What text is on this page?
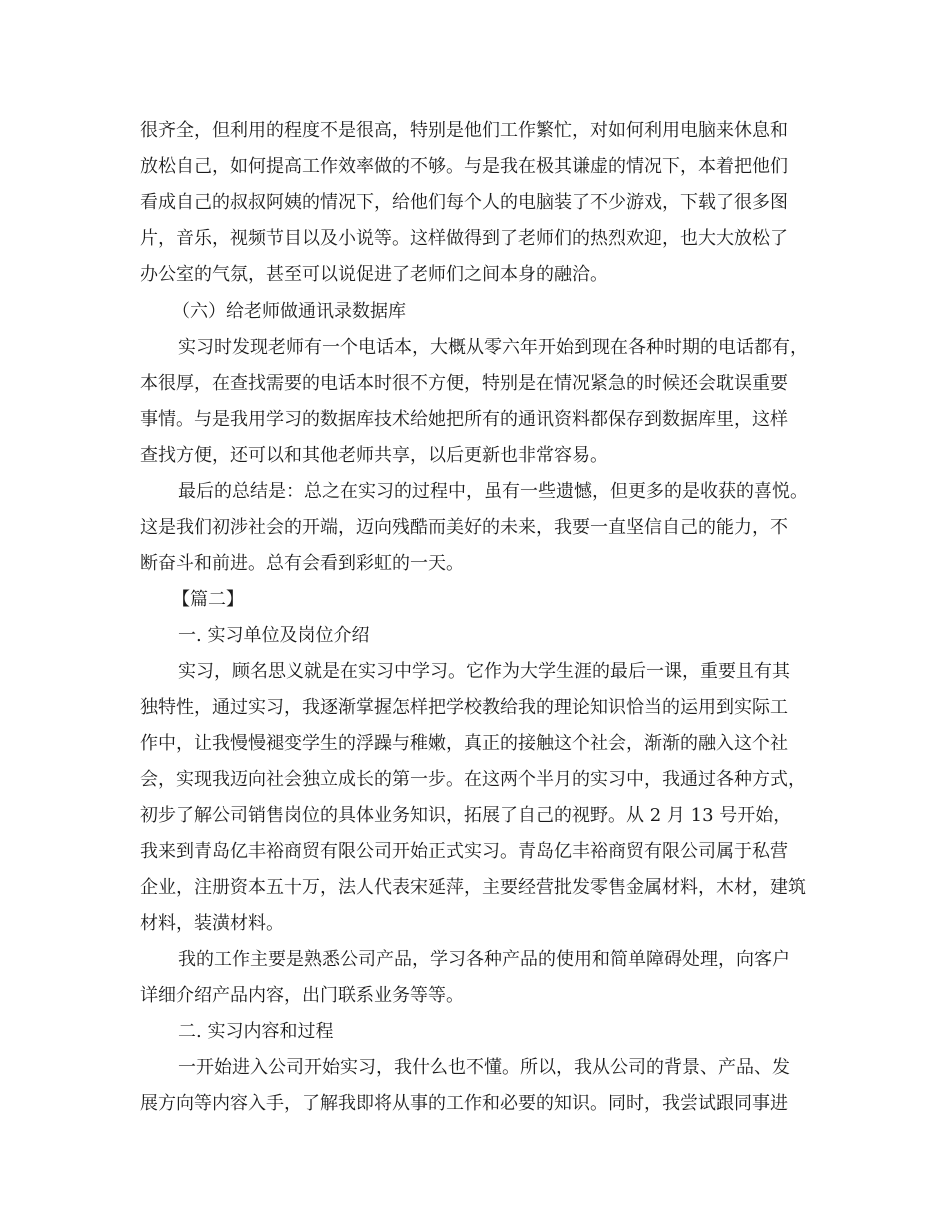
很齐全，但利用的程度不是很高，特别是他们工作繁忙，对如何利用电脑来休息和
放松自己，如何提高工作效率做的不够。与是我在极其谦虚的情况下，本着把他们
看成自己的叔叔阿姨的情况下，给他们每个人的电脑装了不少游戏，下载了很多图
片，音乐，视频节目以及小说等。这样做得到了老师们的热烈欢迎，也大大放松了
办公室的气氛，甚至可以说促进了老师们之间本身的融洽。
（六）给老师做通讯录数据库
实习时发现老师有一个电话本，大概从零六年开始到现在各种时期的电话都有，
本很厚，在查找需要的电话本时很不方便，特别是在情况紧急的时候还会耽误重要
事情。与是我用学习的数据库技术给她把所有的通讯资料都保存到数据库里，这样
查找方便，还可以和其他老师共享，以后更新也非常容易。
最后的总结是：总之在实习的过程中，虽有一些遗憾，但更多的是收获的喜悦。
这是我们初涉社会的开端，迈向残酷而美好的未来，我要一直坚信自己的能力，不
断奋斗和前进。总有会看到彩虹的一天。
【篇二】
一. 实习单位及岗位介绍
实习，顾名思义就是在实习中学习。它作为大学生涯的最后一课，重要且有其
独特性，通过实习，我逐渐掌握怎样把学校教给我的理论知识恰当的运用到实际工
作中，让我慢慢褪变学生的浮躁与稚嫩，真正的接触这个社会，渐渐的融入这个社
会，实现我迈向社会独立成长的第一步。在这两个半月的实习中，我通过各种方式，
初步了解公司销售岗位的具体业务知识，拓展了自己的视野。从 2 月 13 号开始，
我来到青岛亿丰裕商贸有限公司开始正式实习。青岛亿丰裕商贸有限公司属于私营
企业，注册资本五十万，法人代表宋延萍，主要经营批发零售金属材料，木材，建筑
材料，装潢材料。
我的工作主要是熟悉公司产品，学习各种产品的使用和简单障碍处理，向客户
详细介绍产品内容，出门联系业务等等。
二. 实习内容和过程
一开始进入公司开始实习，我什么也不懂。所以，我从公司的背景、产品、发
展方向等内容入手，了解我即将从事的工作和必要的知识。同时，我尝试跟同事进
